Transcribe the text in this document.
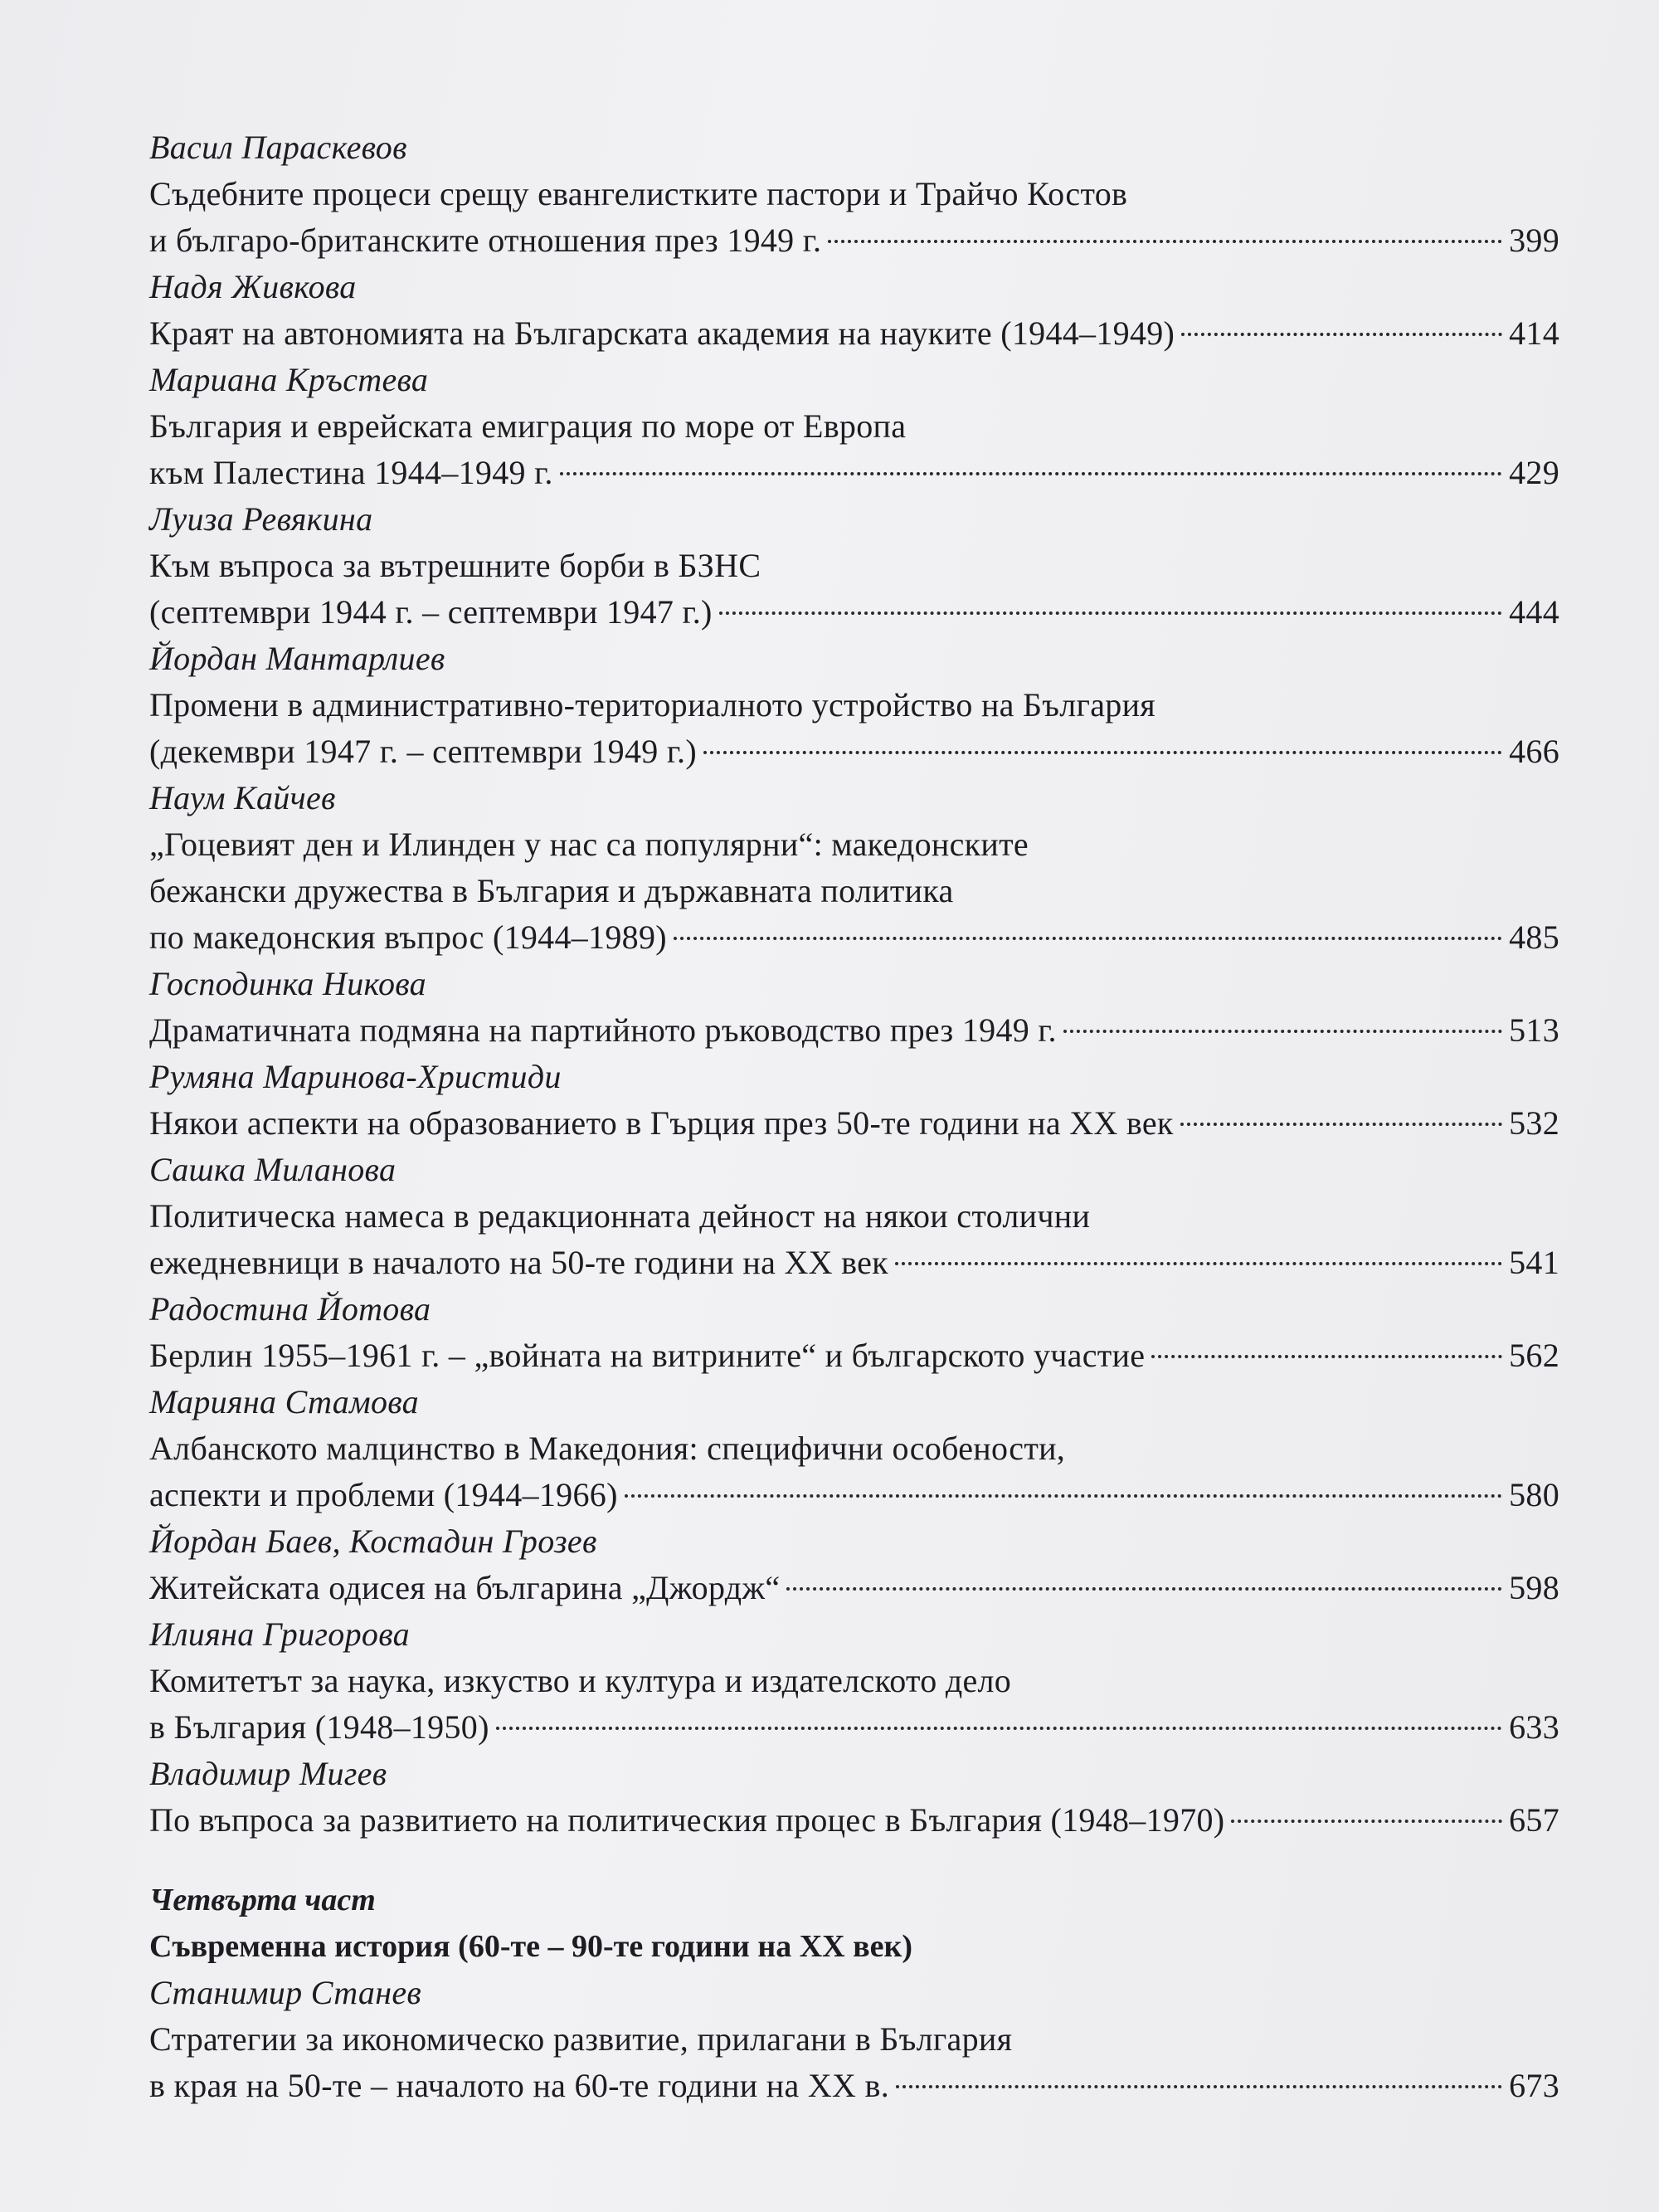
Васил Параскевов
Съдебните процеси срещу евангелистките пастори и Трайчо Костов
и българо-британските отношения през 1949 г.	399
Надя Живкова
Краят на автономията на Българската академия на науките (1944–1949)	414
Мариана Кръстева
България и еврейската емиграция по море от Европа
към Палестина 1944–1949 г.	429
Луиза Ревякина
Към въпроса за вътрешните борби в БЗНС
(септември 1944 г. – септември 1947 г.)	444
Йордан Мантарлиев
Промени в административно-териториалното устройство на България
(декември 1947 г. – септември 1949 г.)	466
Наум Кайчев
„Гоцевият ден и Илинден у нас са популярни“: македонските
бежански дружества в България и държавната политика
по македонския въпрос (1944–1989)	485
Господинка Никова
Драматичната подмяна на партийното ръководство през 1949 г.	513
Румяна Маринова-Христиди
Някои аспекти на образованието в Гърция през 50-те години на XX век	532
Сашка Миланова
Политическа намеса в редакционната дейност на някои столични
ежедневници в началото на 50-те години на XX век	541
Радостина Йотова
Берлин 1955–1961 г. – „войната на витрините“ и българското участие	562
Марияна Стамова
Албанското малцинство в Македония: специфични особености,
аспекти и проблеми (1944–1966)	580
Йордан Баев, Костадин Грозев
Житейската одисея на българина „Джордж“	598
Илияна Григорова
Комитетът за наука, изкуство и култура и издателското дело
в България (1948–1950)	633
Владимир Мигев
По въпроса за развитието на политическия процес в България (1948–1970)	657
Четвърта част
Съвременна история (60-те – 90-те години на XX век)
Станимир Станев
Стратегии за икономическо развитие, прилагани в България
в края на 50-те – началото на 60-те години на XX в.	673
